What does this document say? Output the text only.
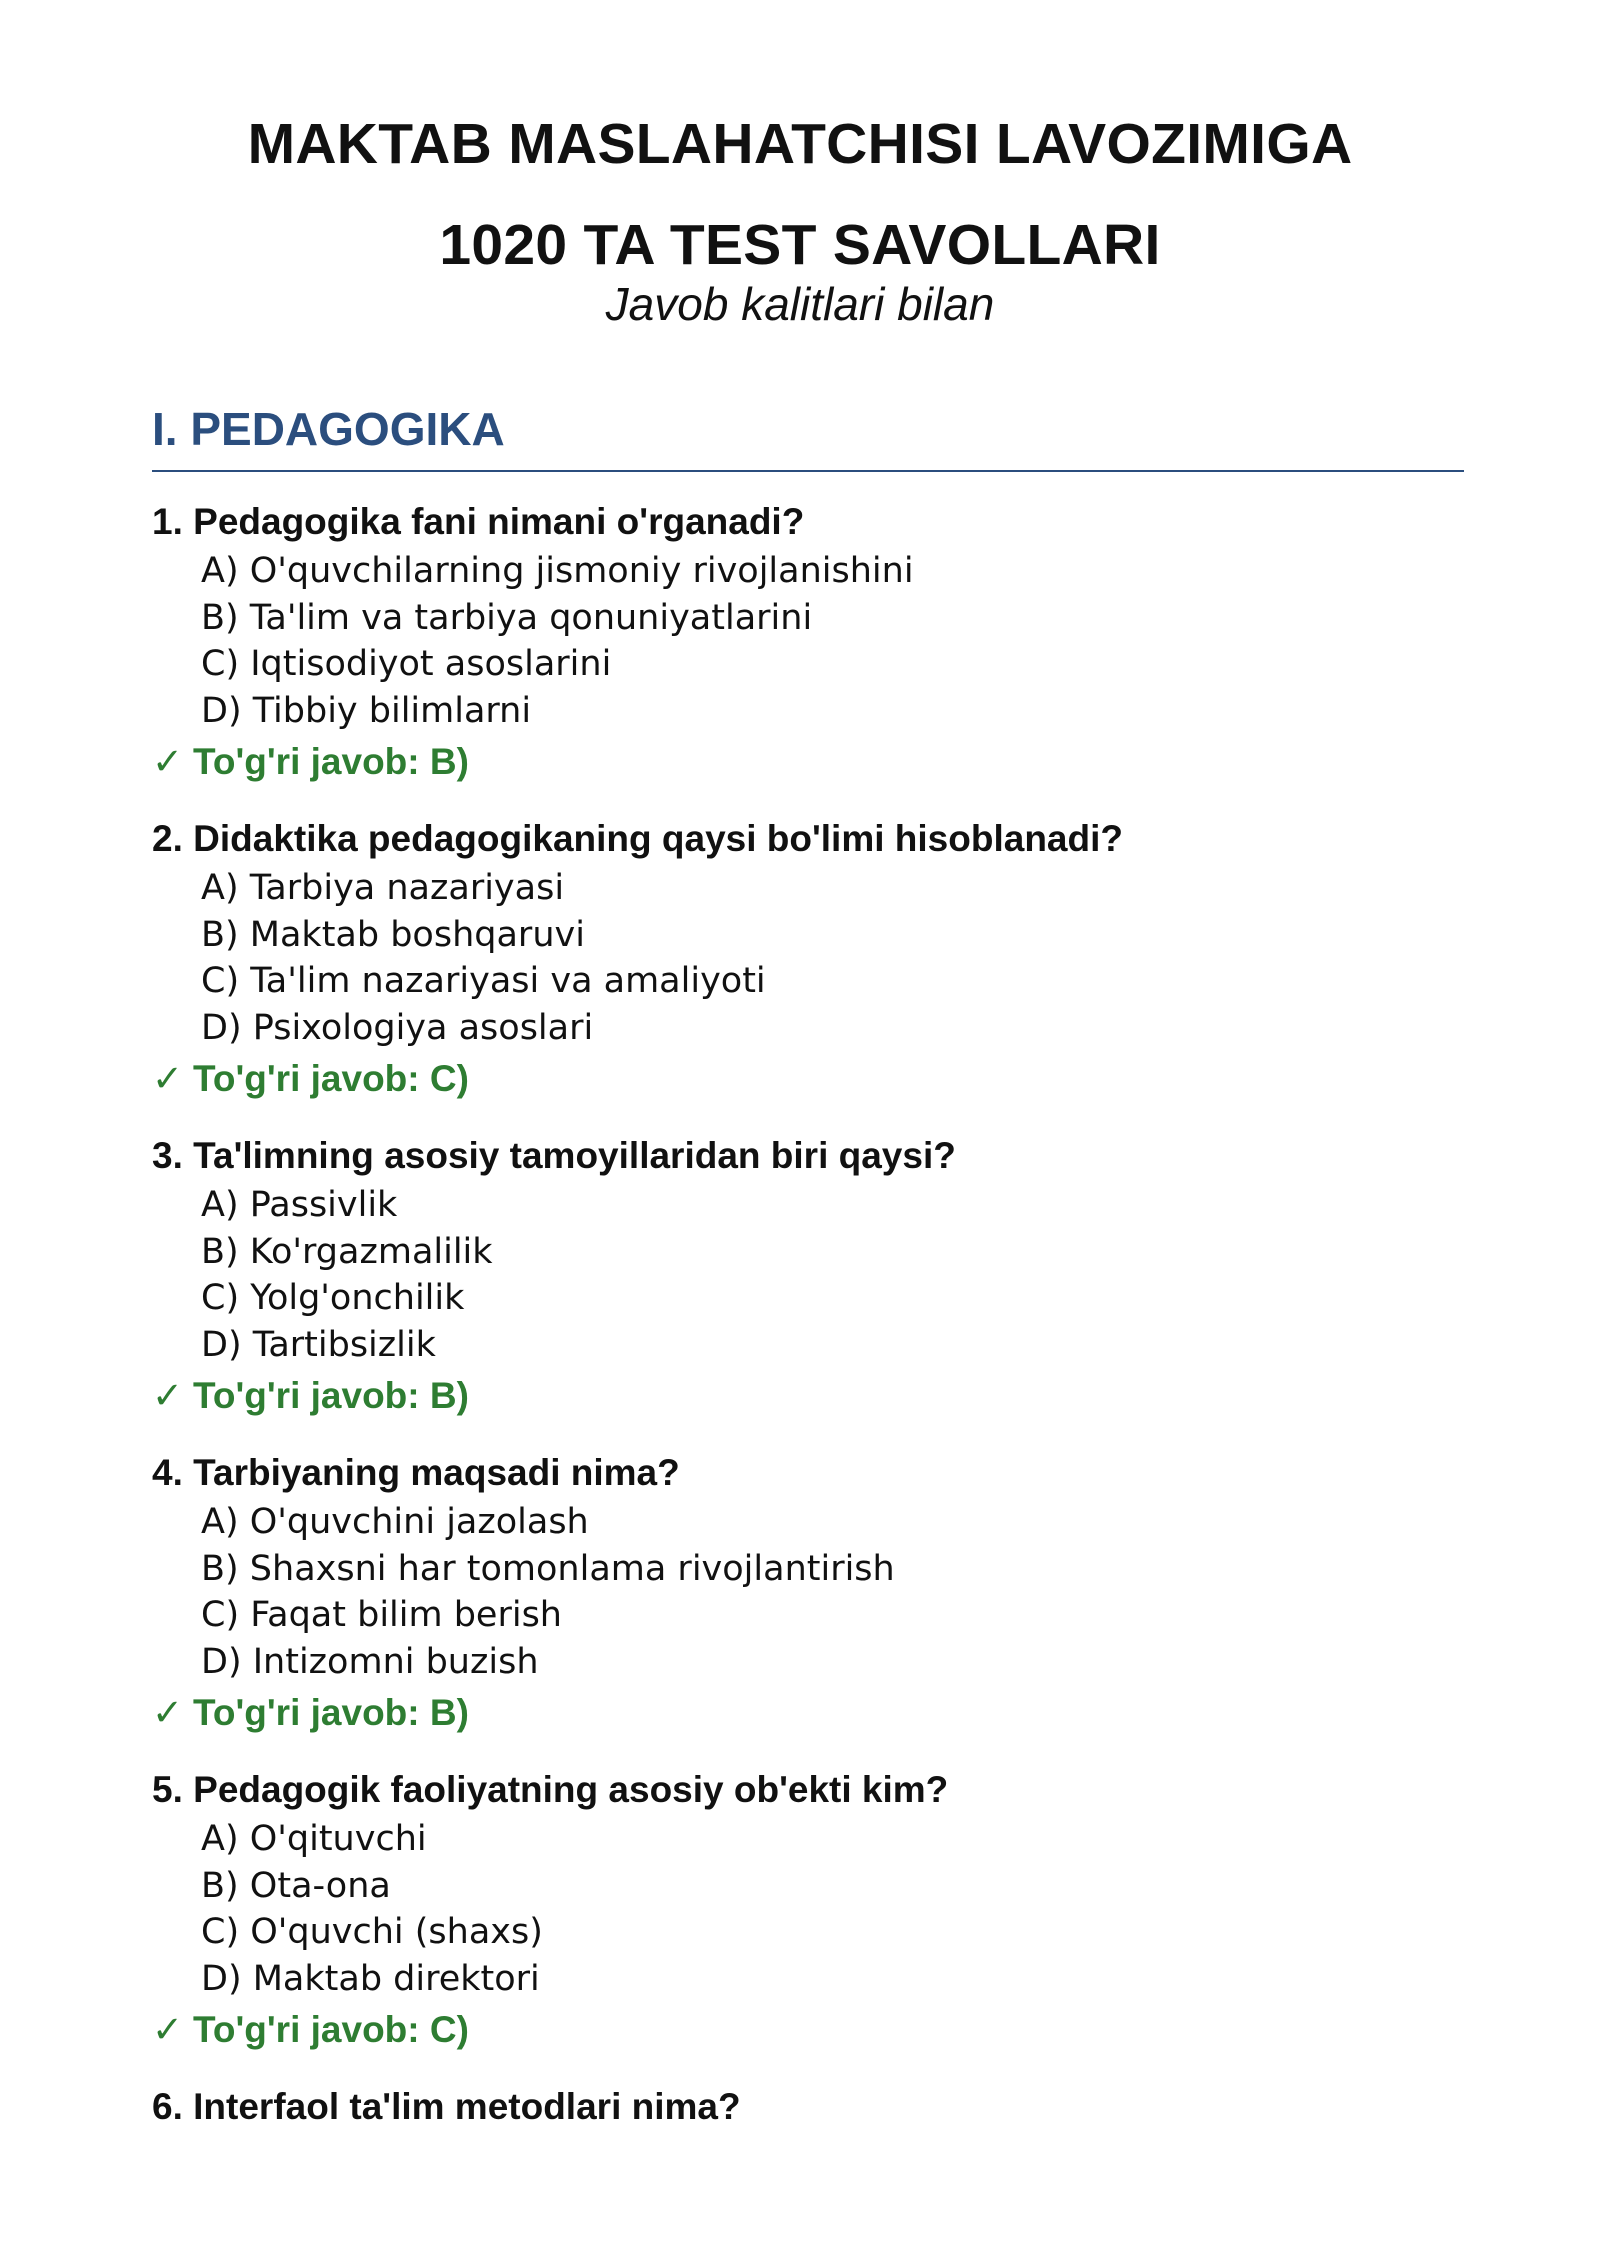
MAKTAB MASLAHATCHISI LAVOZIMIGA
1020 TA TEST SAVOLLARI
Javob kalitlari bilan
I. PEDAGOGIKA
1. Pedagogika fani nimani o'rganadi?
A) O'quvchilarning jismoniy rivojlanishini
B) Ta'lim va tarbiya qonuniyatlarini
C) Iqtisodiyot asoslarini
D) Tibbiy bilimlarni
✓ To'g'ri javob: B)
2. Didaktika pedagogikaning qaysi bo'limi hisoblanadi?
A) Tarbiya nazariyasi
B) Maktab boshqaruvi
C) Ta'lim nazariyasi va amaliyoti
D) Psixologiya asoslari
✓ To'g'ri javob: C)
3. Ta'limning asosiy tamoyillaridan biri qaysi?
A) Passivlik
B) Ko'rgazmalilik
C) Yolg'onchilik
D) Tartibsizlik
✓ To'g'ri javob: B)
4. Tarbiyaning maqsadi nima?
A) O'quvchini jazolash
B) Shaxsni har tomonlama rivojlantirish
C) Faqat bilim berish
D) Intizomni buzish
✓ To'g'ri javob: B)
5. Pedagogik faoliyatning asosiy ob'ekti kim?
A) O'qituvchi
B) Ota-ona
C) O'quvchi (shaxs)
D) Maktab direktori
✓ To'g'ri javob: C)
6. Interfaol ta'lim metodlari nima?
